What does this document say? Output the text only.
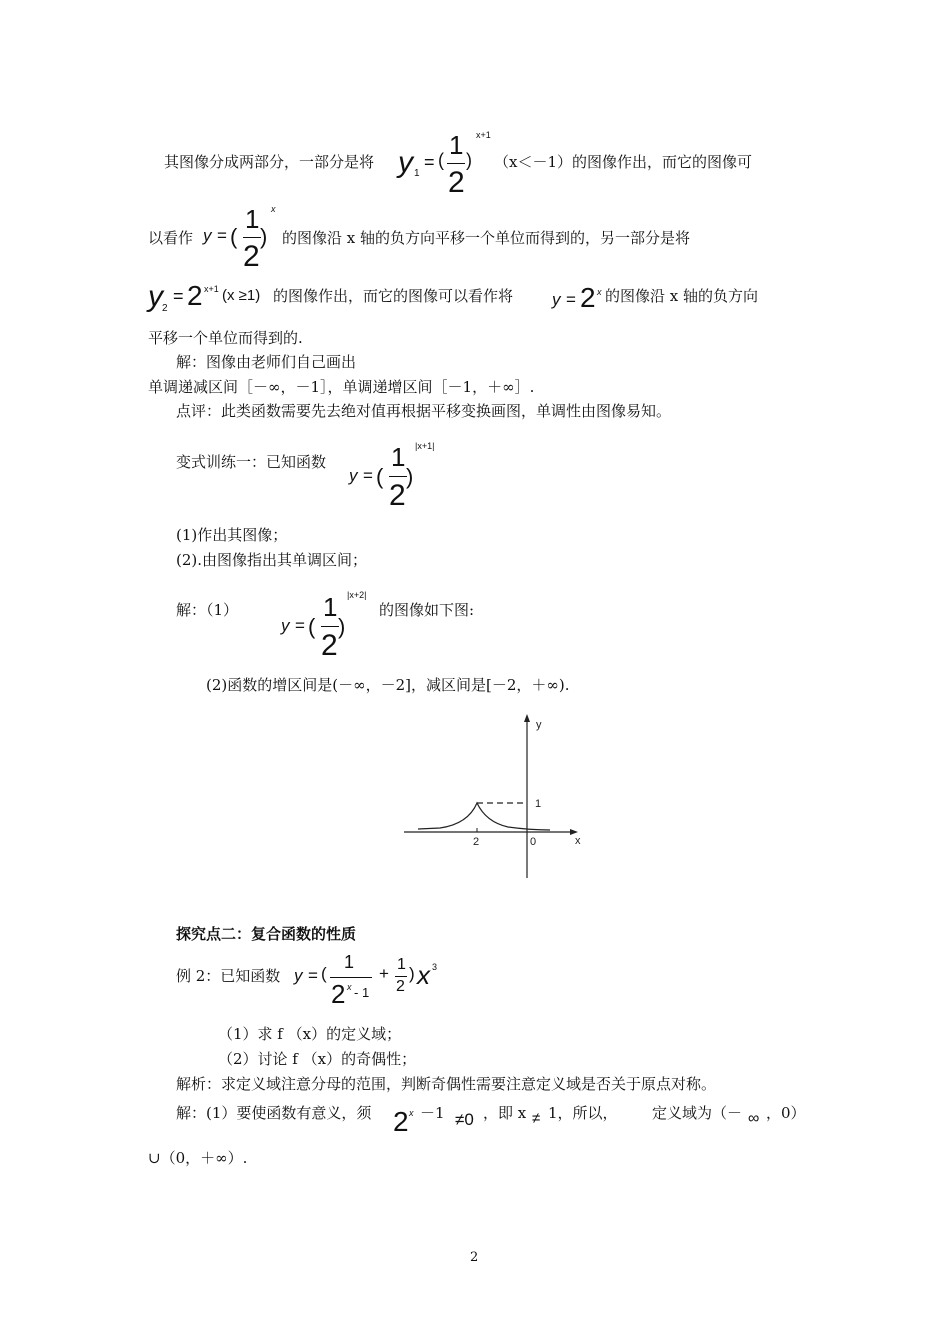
其图像分成两部分，一部分是将 y 1
= ( 1
2
)
x+1
（x＜－1）的图像作出，而它的图像可
以看作 y = (
1
2
)
x
的图像沿 x 轴的负方向平移一个单位而得到的，另一部分是将
y 2
= 2 x+1 (x ≥1) 的图像作出，而它的图像可以看作将 y = 2 x 的图像沿 x 轴的负方向
平移一个单位而得到的.
解：图像由老师们自己画出
单调递减区间［－∞，－1］，单调递增区间［－1，＋∞］.
点评：此类函数需要先去绝对值再根据平移变换画图，单调性由图像易知。
变式训练一：已知函数
y = (
1
2
)
|x+1|
(1)作出其图像；
(2).由图像指出其单调区间；
解：（1）
y = (
1
2
)
|x+2|
的图像如下图:
(2)函数的增区间是(－∞，－2]，减区间是[－2，＋∞).
y
x
1
2	0
探究点二：复合函数的性质
例 2：已知函数 y = (
1
2 x - 1
+ 1
2
) x 3
（1）求 f （x）的定义域；
（2）讨论 f （x）的奇偶性；
解析：求定义域注意分母的范围，判断奇偶性需要注意定义域是否关于原点对称。
解：(1）要使函数有意义，须 2 x －1 ≠0 ，即 x ≠ 1，所以， 定义域为（－ ∞ ，0）
∪（0，＋∞）.
2
